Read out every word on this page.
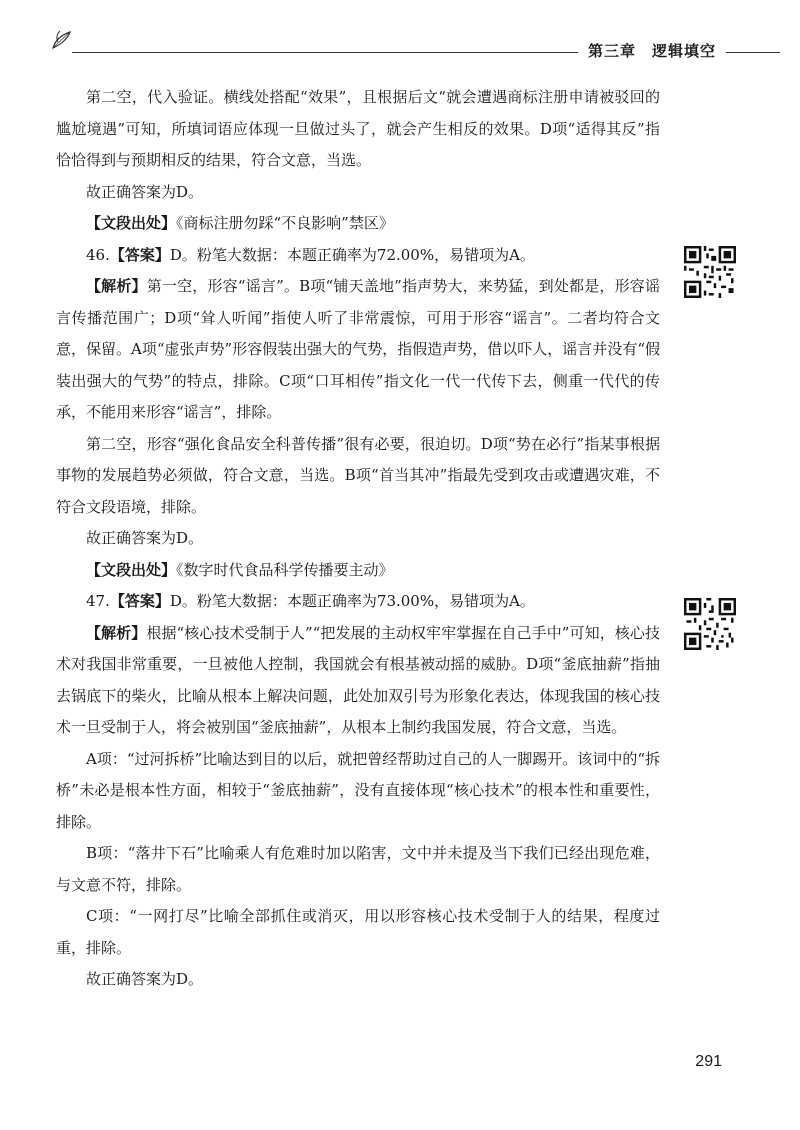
第三章　逻辑填空

第二空，代入验证。横线处搭配“效果”，且根据后文“就会遭遇商标注册申请被驳回的尴尬境遇”可知，所填词语应体现一旦做过头了，就会产生相反的效果。D项“适得其反”指恰恰得到与预期相反的结果，符合文意，当选。

故正确答案为D。

【文段出处】《商标注册勿踩“不良影响”禁区》

46.【答案】D。粉笔大数据：本题正确率为72.00%，易错项为A。

【解析】第一空，形容“谣言”。B项“铺天盖地”指声势大，来势猛，到处都是，形容谣言传播范围广；D项“耸人听闻”指使人听了非常震惊，可用于形容“谣言”。二者均符合文意，保留。A项“虚张声势”形容假装出强大的气势，指假造声势，借以吓人，谣言并没有“假装出强大的气势”的特点，排除。C项“口耳相传”指文化一代一代传下去，侧重一代代的传承，不能用来形容“谣言”，排除。

第二空，形容“强化食品安全科普传播”很有必要，很迫切。D项“势在必行”指某事根据事物的发展趋势必须做，符合文意，当选。B项“首当其冲”指最先受到攻击或遭遇灾难，不符合文段语境，排除。

故正确答案为D。

【文段出处】《数字时代食品科学传播要主动》

47.【答案】D。粉笔大数据：本题正确率为73.00%，易错项为A。

【解析】根据“核心技术受制于人”“把发展的主动权牢牢掌握在自己手中”可知，核心技术对我国非常重要，一旦被他人控制，我国就会有根基被动摇的威胁。D项“釜底抽薪”指抽去锅底下的柴火，比喻从根本上解决问题，此处加双引号为形象化表达，体现我国的核心技术一旦受制于人，将会被别国“釜底抽薪”，从根本上制约我国发展，符合文意，当选。

A项：“过河拆桥”比喻达到目的以后，就把曾经帮助过自己的人一脚踢开。该词中的“拆桥”未必是根本性方面，相较于“釜底抽薪”，没有直接体现“核心技术”的根本性和重要性，排除。

B项：“落井下石”比喻乘人有危难时加以陷害，文中并未提及当下我们已经出现危难，与文意不符，排除。

C项：“一网打尽”比喻全部抓住或消灭，用以形容核心技术受制于人的结果，程度过重，排除。

故正确答案为D。

291
